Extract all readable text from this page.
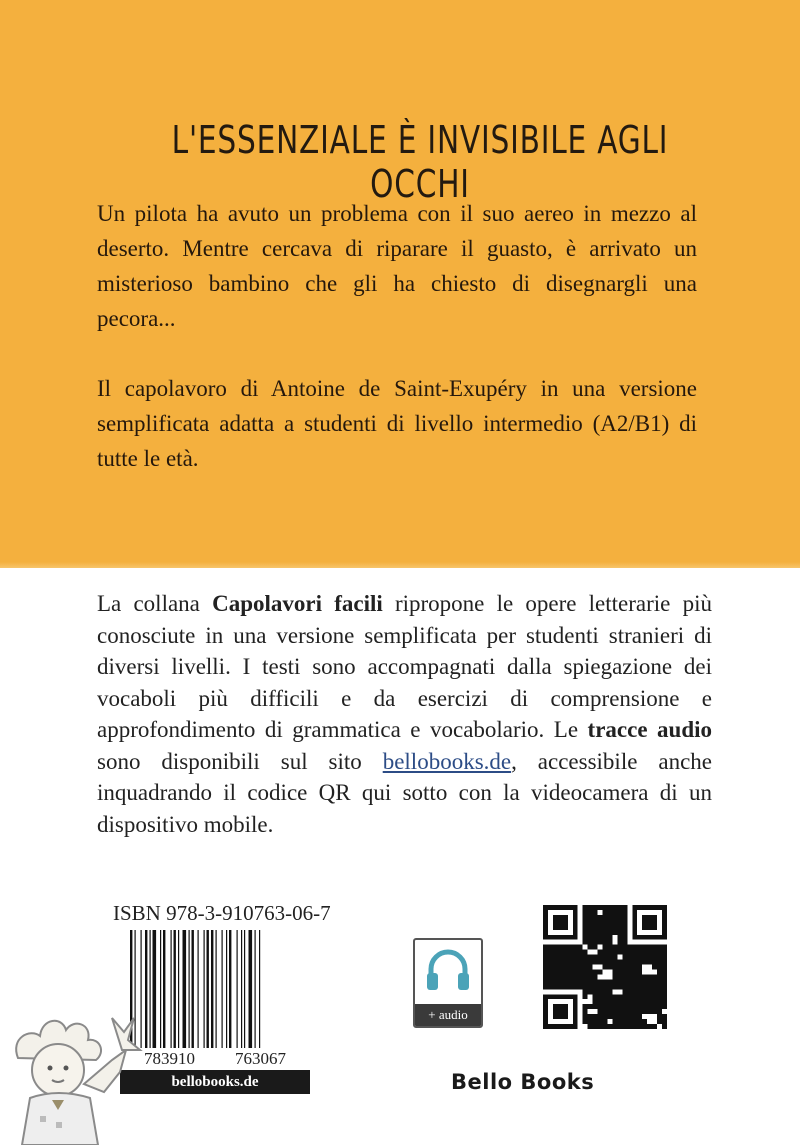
L'ESSENZIALE È INVISIBILE AGLI OCCHI

Un pilota ha avuto un problema con il suo aereo in mezzo al deserto. Mentre cercava di riparare il guasto, è arrivato un misterioso bambino che gli ha chiesto di disegnargli una pecora...

Il capolavoro di Antoine de Saint-Exupéry in una versione semplificata adatta a studenti di livello intermedio (A2/B1) di tutte le età.

La collana Capolavori facili ripropone le opere letterarie più conosciute in una versione semplificata per studenti stranieri di diversi livelli. I testi sono accompagnati dalla spiegazione dei vocaboli più difficili e da esercizi di comprensione e approfondimento di grammatica e vocabolario. Le tracce audio sono disponibili sul sito bellobooks.de, accessibile anche inquadrando il codice QR qui sotto con la videocamera di un dispositivo mobile.

ISBN 978-3-910763-06-7
783910 763067
bellobooks.de
+ audio
Bello Books
